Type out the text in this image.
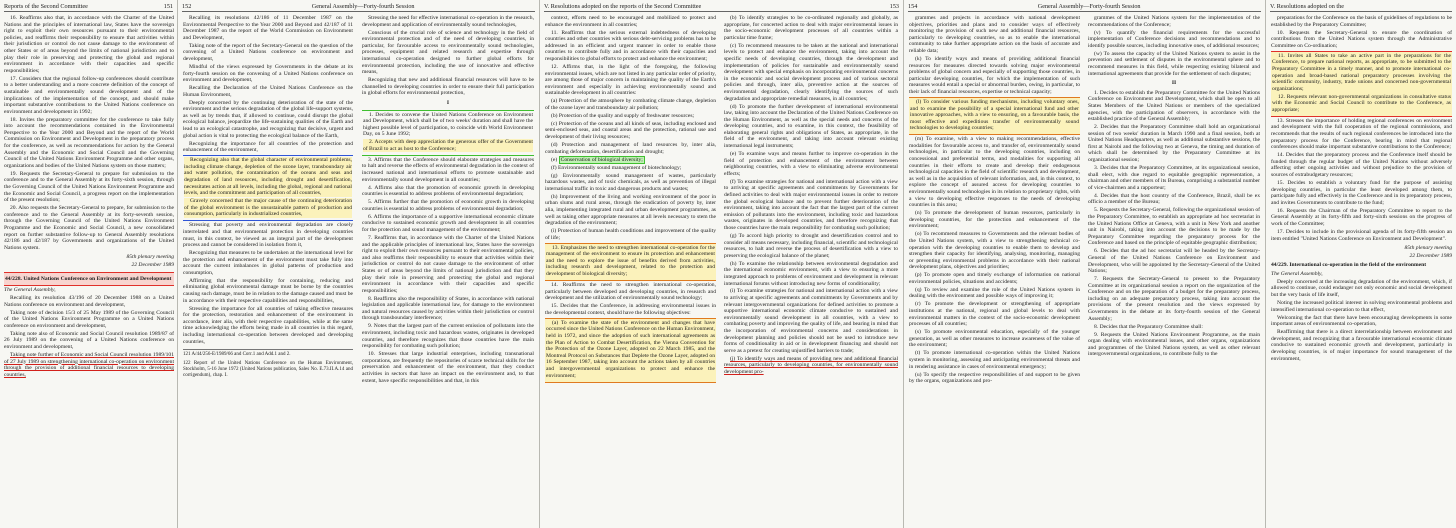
Reports of the Second Committee	151

16. Reaffirms also that, in accordance with the Charter of the United Nations and the principles of international law, States have the sovereign right to exploit their own resources pursuant to their environmental policies, and reaffirms their responsibility to ensure that activities within their jurisdiction or control do not cause damage to the environment of other States or of areas beyond the limits of national jurisdiction and to play their role in preserving and protecting the global and regional environment in accordance with their capacities and specific responsibilities;

17. Considers that the regional follow-up conferences should contribute to a better understanding and a more concrete definition of the concept of sustainable and environmentally sound development and of the implications of the implementation of the concept, and should make important substantive contributions to the United Nations conference on environment and development in 1992;

18. Invites the preparatory committee for the conference to take fully into account the recommendations contained in the Environmental Perspective to the Year 2000 and Beyond and the report of the World Commission on Environment and Development in the preparatory process for the conference, as well as recommendations for action by the General Assembly and the Economic and Social Council and the Governing Council of the United Nations Environment Programme and other organs, organizations and bodies of the United Nations system on those matters;

19. Requests the Secretary-General to prepare for submission to the conference and to the General Assembly at its forty-sixth session, through the Governing Council of the United Nations Environment Programme and the Economic and Social Council, a progress report on the implementation of the present resolution;

20. Also requests the Secretary-General to prepare, for submission to the conference and to the General Assembly at its forty-seventh session, through the Governing Council of the United Nations Environment Programme and the Economic and Social Council, a new consolidated report on further substantive follow-up to General Assembly resolutions 42/186 and 42/187 by Governments and organizations of the United Nations system.

85th plenary meeting

22 December 1989

44/228. United Nations Conference on Environment and Development

The General Assembly,

Recalling its resolution 43/196 of 20 December 1988 on a United Nations conference on environment and development,

Taking note of decision 15/3 of 25 May 1989 of the Governing Council of the United Nations Environment Programme on a United Nations conference on environment and development,

Taking note also of Economic and Social Council resolution 1989/87 of 26 July 1989 on the convening of a United Nations conference on environment and development,

Taking note further of Economic and Social Council resolution 1989/101 of 27 July 1989 on strengthening international co-operation on environment through the provision of additional financial resources to developing countries,

152	General Assembly—Forty-fourth Session

Recalling its resolutions 42/186 of 11 December 1987 on the Environmental Perspective to the Year 2000 and Beyond and 42/187 of 11 December 1987 on the report of the World Commission on Environment and Development,

Taking note of the report of the Secretary-General on the question of the convening of a United Nations conference on environment and development,

Mindful of the views expressed by Governments in the debate at its forty-fourth session on the convening of a United Nations conference on environment and development,

Recalling the Declaration of the United Nations Conference on the Human Environment,

Deeply concerned by the continuing deterioration of the state of the environment and the serious degradation of the global life-support systems, as well as by trends that, if allowed to continue, could disrupt the global ecological balance, jeopardize the life-sustaining qualities of the Earth and lead to an ecological catastrophe, and recognizing that decisive, urgent and global action is vital to protecting the ecological balance of the Earth,

Recognizing the importance for all countries of the protection and enhancement of the environment,

Recognizing also that the global character of environmental problems, including climate change, depletion of the ozone layer, transboundary air and water pollution, the contamination of the oceans and seas and degradation of land resources, including drought and desertification, necessitates action at all levels, including the global, regional and national levels, and the commitment and participation of all countries,

Gravely concerned that the major cause of the continuing deterioration of the global environment is the unsustainable pattern of production and consumption, particularly in industrialized countries,

Stressing that poverty and environmental degradation are closely interrelated and that environmental protection in developing countries must, in this context, be viewed as an integral part of the development process and cannot be considered in isolation from it,

Recognizing that measures to be undertaken at the international level for the protection and enhancement of the environment must take fully into account the current imbalances in global patterns of production and consumption,

Affirming that the responsibility for containing, reducing and eliminating global environmental damage must be borne by the countries causing such damage, must be in relation to the damage caused and must be in accordance with their respective capabilities and responsibilities,

Stressing the importance for all countries of taking effective measures for the protection, restoration and enhancement of the environment in accordance, inter alia, with their respective capabilities, while at the same time acknowledging the efforts being made in all countries in this regard, including international co-operation between developed and developing countries,

121 A/44/256-E/1989/66 and Corr.1 and Add.1 and 2.

122 Report of the United Nations Conference on the Human Environment, Stockholm, 5-16 June 1972 (United Nations publication, Sales No. E.73.II.A.14 and corrigendum), chap. I.

Stressing the need for effective international co-operation in the research, development and application of environmentally sound technologies,

Conscious of the crucial role of science and technology in the field of environmental protection and of the need of developing countries, in particular, for favourable access to environmentally sound technologies, processes, equipment and related research and expertise through international co-operation designed to further global efforts for environmental protection, including the use of innovative and effective means,

Recognizing that new and additional financial resources will have to be channelled to developing countries in order to ensure their full participation in global efforts for environmental protection,

I

1. Decides to convene the United Nations Conference on Environment and Development, which shall be of two weeks' duration and shall have the highest possible level of participation, to coincide with World Environment Day, on 5 June 1992;

2. Accepts with deep appreciation the generous offer of the Government of Brazil to act as host to the Conference;

3. Affirms that the Conference should elaborate strategies and measures to halt and reverse the effects of environmental degradation in the context of increased national and international efforts to promote sustainable and environmentally sound development in all countries;

4. Affirms also that the promotion of economic growth in developing countries is essential to address problems of environmental degradation;

5. Affirms further that the promotion of economic growth in developing countries is essential to address problems of environmental degradation;

6. Affirms the importance of a supportive international economic climate conducive to sustained economic growth and development in all countries for the protection and sound management of the environment;

7. Reaffirms that, in accordance with the Charter of the United Nations and the applicable principles of international law, States have the sovereign right to exploit their own resources pursuant to their environmental policies, and also reaffirms their responsibility to ensure that activities within their jurisdiction or control do not cause damage to the environment of other States or of areas beyond the limits of national jurisdiction and that they play their role in preserving and protecting the global and regional environment in accordance with their capacities and specific responsibilities;

8. Reaffirms also the responsibility of States, in accordance with national legislation and applicable international law, for damage to the environment and natural resources caused by activities within their jurisdiction or control through transboundary interference;

9. Notes that the largest part of the current emission of pollutants into the environment, including toxic and hazardous wastes, originates in developed countries, and therefore recognizes that those countries have the main responsibility for combating such pollution;

10. Stresses that large industrial enterprises, including transnational corporations, are frequently the repositories of scarce technical skills for the preservation and enhancement of the environment, that they conduct activities in sectors that have an impact on the environment and, to that extent, have specific responsibilities and that, in this

V. Resolutions adopted on the reports of the Second Committee	153

context, efforts need to be encouraged and mobilized to protect and enhance the environment in all countries;

11. Reaffirms that the serious external indebtedness of developing countries and other countries with serious debt-servicing problems has to be addressed in an efficient and urgent manner in order to enable those countries to contribute fully and in accordance with their capacities and responsibilities to global efforts to protect and enhance the environment;

12. Affirms that, in the light of the foregoing, the following environmental issues, which are not listed in any particular order of priority, are among those of major concern in maintaining the quality of the Earth's environment and especially in achieving environmentally sound and sustainable development in all countries:

(a) Protection of the atmosphere by combating climate change, depletion of the ozone layer and transboundary air pollution;

(b) Protection of the quality and supply of freshwater resources;

(c) Protection of the oceans and all kinds of seas, including enclosed and semi-enclosed seas, and coastal areas and the protection, rational use and development of their living resources;

(d) Protection and management of land resources by, inter alia, combating deforestation, desertification and drought;

(e) Conservation of biological diversity;

(f) Environmentally sound management of biotechnology;

(g) Environmentally sound management of wastes, particularly hazardous wastes, and of toxic chemicals, as well as prevention of illegal international traffic in toxic and dangerous products and wastes;

(h) Improvement of the living and working environment of the poor in urban slums and rural areas, through the eradication of poverty by, inter alia, implementing integrated rural and urban development programmes, as well as taking other appropriate measures at all levels necessary to stem the degradation of the environment;

(i) Protection of human health conditions and improvement of the quality of life;

13. Emphasizes the need to strengthen international co-operation for the management of the environment to ensure its protection and enhancement and the need to explore the issue of benefits derived from activities, including research and development, related to the protection and development of biological diversity;

14. Reaffirms the need to strengthen international co-operation, particularly between developed and developing countries, in research and development and the utilization of environmentally sound technology;

15. Decides that the Conference, in addressing environmental issues in the developmental context, should have the following objectives:

(a) To examine the state of the environment and changes that have occurred since the United Nations Conference on the Human Environment, held in 1972, and since the adoption of such international agreements as the Plan of Action to Combat Desertification, the Vienna Convention for the Protection of the Ozone Layer, adopted on 22 March 1985, and the Montreal Protocol on Substances that Deplete the Ozone Layer, adopted on 16 September 1987, taking into account the actions taken by all countries and intergovernmental organizations to protect and enhance the environment;

(b) To identify strategies to be co-ordinated regionally and globally, as appropriate, for concerted action to deal with major environmental issues in the socio-economic development processes of all countries within a particular time frame;

(c) To recommend measures to be taken at the national and international levels to protect and enhance the environment, taking into account the specific needs of developing countries, through the development and implementation of policies for sustainable and environmentally sound development with special emphasis on incorporating environmental concerns in the economic and social development process and of various sectoral policies and through, inter alia, preventive action at the sources of environmental degradation, clearly identifying the sources of such degradation and appropriate remedial measures, in all countries;

(d) To promote the further development of international environmental law, taking into account the Declaration of the United Nations Conference on the Human Environment, as well as the special needs and concerns of the developing countries, and to examine, in this context, the feasibility of elaborating general rights and obligations of States, as appropriate, in the field of the environment, and taking into account relevant existing international legal instruments;

(e) To examine ways and means further to improve co-operation in the field of protection and enhancement of the environment between neighbouring countries, with a view to eliminating adverse environmental effects;

(f) To examine strategies for national and international action with a view to arriving at specific agreements and commitments by Governments for defined activities to deal with major environmental issues in order to restore the global ecological balance and to prevent further deterioration of the environment, taking into account the fact that the largest part of the current emission of pollutants into the environment, including toxic and hazardous wastes, originates in developed countries, and therefore recognizing that those countries have the main responsibility for combating such pollution;

(g) To accord high priority to drought and desertification control and to consider all means necessary, including financial, scientific and technological resources, to halt and reverse the process of desertification with a view to preserving the ecological balance of the planet;

(h) To examine the relationship between environmental degradation and the international economic environment, with a view to ensuring a more integrated approach to problems of environment and development in relevant international forums without introducing new forms of conditionality;

(i) To examine strategies for national and international action with a view to arriving at specific agreements and commitments by Governments and by relevant intergovernmental organizations for defined activities to promote a supportive international economic climate conducive to sustained and environmentally sound development in all countries, with a view to combating poverty and improving the quality of life, and bearing in mind that the incorporation of environmental concerns and considerations in development planning and policies should not be used to introduce new forms of conditionality in aid or in development financing and should not serve as a pretext for creating unjustified barriers to trade;

(j) To identify ways and means of providing new and additional financial resources, particularly to developing countries, for environmentally sound development pro-

154	General Assembly—Forty-fourth Session

grammes and projects in accordance with national development objectives, priorities and plans and to consider ways of effectively monitoring the provision of such new and additional financial resources, particularly to developing countries, so as to enable the international community to take further appropriate action on the basis of accurate and reliable data;

(k) To identify ways and means of providing additional financial resources for measures directed towards solving major environmental problems of global concern and especially of supporting those countries, in particular developing countries, for which the implementation of such measures would entail a special or abnormal burden, owing, in particular, to their lack of financial resources, expertise or technical capacity;

(l) To consider various funding mechanisms, including voluntary ones, and to examine the possibility of a special international fund and other innovative approaches, with a view to ensuring, on a favourable basis, the most effective and expeditious transfer of environmentally sound technologies to developing countries;

(m) To examine, with a view to making recommendations, effective modalities for favourable access to, and transfer of, environmentally sound technologies, in particular to the developing countries, including on concessional and preferential terms, and modalities for supporting all countries in their efforts to create and develop their endogenous technological capacities in the field of scientific research and development, as well as in the acquisition of relevant information, and, in this context, to explore the concept of assured access for developing countries to environmentally sound technologies in its relation to proprietary rights, with a view to developing effective responses to the needs of developing countries in this area;

(n) To promote the development of human resources, particularly in developing countries, for the protection and enhancement of the environment;

(o) To recommend measures to Governments and the relevant bodies of the United Nations system, with a view to strengthening technical co-operation with the developing countries to enable them to develop and strengthen their capacity for identifying, analysing, monitoring, managing or preventing environmental problems in accordance with their national development plans, objectives and priorities;

(p) To promote open and timely exchange of information on national environmental policies, situations and accidents;

(q) To review and examine the role of the United Nations system in dealing with the environment and possible ways of improving it;

(r) To promote the development or strengthening of appropriate institutions at the national, regional and global levels to deal with environmental matters in the context of the socio-economic development processes of all countries;

(s) To promote environmental education, especially of the younger generation, as well as other measures to increase awareness of the value of the environment;

(t) To promote international co-operation within the United Nations system in monitoring, assessing and anticipating environmental threats and in rendering assistance in cases of environmental emergency;

(u) To specify the respective responsibilities of and support to be given by the organs, organizations and pro-

grammes of the United Nations system for the implementation of the recommendations of the Conference;

(v) To quantify the financial requirements for the successful implementation of Conference decisions and recommendations and to identify possible sources, including innovative ones, of additional resources;

(w) To assess the capacity of the United Nations system to assist in the prevention and settlement of disputes in the environmental sphere and to recommend measures in this field, while respecting existing bilateral and international agreements that provide for the settlement of such disputes;

II

1. Decides to establish the Preparatory Committee for the United Nations Conference on Environment and Development, which shall be open to all States Members of the United Nations or members of the specialized agencies, with the participation of observers, in accordance with the established practice of the General Assembly;

2. Decides that the Preparatory Committee shall hold an organizational session of two weeks' duration in March 1990 and a final session, both at United Nations Headquarters, as well as additional substantive sessions, the first at Nairobi and the following two at Geneva, the timing and duration of which shall be determined by the Preparatory Committee at its organizational session;

3. Decides that the Preparatory Committee, at its organizational session, shall elect, with due regard to equitable geographic representation, a chairman and other members of its Bureau, comprising a substantial number of vice-chairmen and a rapporteur;

4. Decides that the host country of the Conference, Brazil, shall be ex officio a member of the Bureau;

5. Requests the Secretary-General, following the organizational session of the Preparatory Committee, to establish an appropriate ad hoc secretariat in the United Nations Office at Geneva, with a unit in New York and another unit in Nairobi, taking into account the decisions to be made by the Preparatory Committee regarding the preparatory process for the Conference and based on the principle of equitable geographic distribution;

6. Decides that the ad hoc secretariat will be headed by the Secretary-General of the United Nations Conference on Environment and Development, who will be appointed by the Secretary-General of the United Nations;

7. Requests the Secretary-General to present to the Preparatory Committee at its organizational session a report on the organization of the Conference and on the preparation of a budget for the preparatory process, including on an adequate preparatory process, taking into account the provisions of the present resolution and the views expressed by Governments in the debate at its forty-fourth session of the General Assembly;

8. Decides that the Preparatory Committee shall:

9. Requests the United Nations Environment Programme, as the main organ dealing with environmental issues, and other organs, organizations and programmes of the United Nations system, as well as other relevant intergovernmental organizations, to contribute fully to the

V. Resolutions adopted on the

preparations for the Conference on the basis of guidelines of regulations to be established by the Preparatory Committee;

10. Requests the Secretary-General to ensure the coordination of contributions from the United Nations system through the Administrative Committee on Co-ordination;

11. Invites all States to take an active part in the preparations for the Conference, to prepare national reports, as appropriate, to be submitted to the Preparatory Committee in a timely manner, and to promote international co-operation and broad-based national preparatory processes involving the scientific community, industry, trade unions and concerned non-governmental organizations;

12. Requests relevant non-governmental organizations in consultative status with the Economic and Social Council to contribute to the Conference, as appropriate;

13. Stresses the importance of holding regional conferences on environment and development with the full cooperation of the regional commissions, and recommends that the results of such regional conferences be introduced into the preparatory process for the Conference, bearing in mind that regional conferences should make important substantive contributions to the Conference;

14. Decides that the preparatory process and the Conference itself should be funded through the regular budget of the United Nations without adversely affecting other ongoing activities and without prejudice to the provision of sources of extrabudgetary resources;

15. Decides to establish a voluntary fund for the purpose of assisting developing countries, in particular the least developed among them, to participate fully and effectively in the Conference and in its preparatory process, and invites Governments to contribute to the fund;

16. Requests the Chairman of the Preparatory Committee to report to the General Assembly at its forty-fifth and forty-sixth sessions on the progress of work of the Committee;

17. Decides to include in the provisional agenda of its forty-fifth session an item entitled "United Nations Conference on Environment and Development".

85th plenary meeting

22 December 1989

44/229. International co-operation in the field of the environment

The General Assembly,

Deeply concerned at the increasing degradation of the environment, which, if allowed to continue, could endanger not only economic and social development but the very basis of life itself,

Noting the increased political interest in solving environmental problems and intensified international co-operation to that effect,

Welcoming the fact that there have been encouraging developments in some important areas of environmental co-operation,

Reaffirming that there is a direct interrelationship between environment and development, and recognizing that a favourable international economic climate conducive to sustained economic growth and development, particularly in developing countries, is of major importance for sound management of the environment,
